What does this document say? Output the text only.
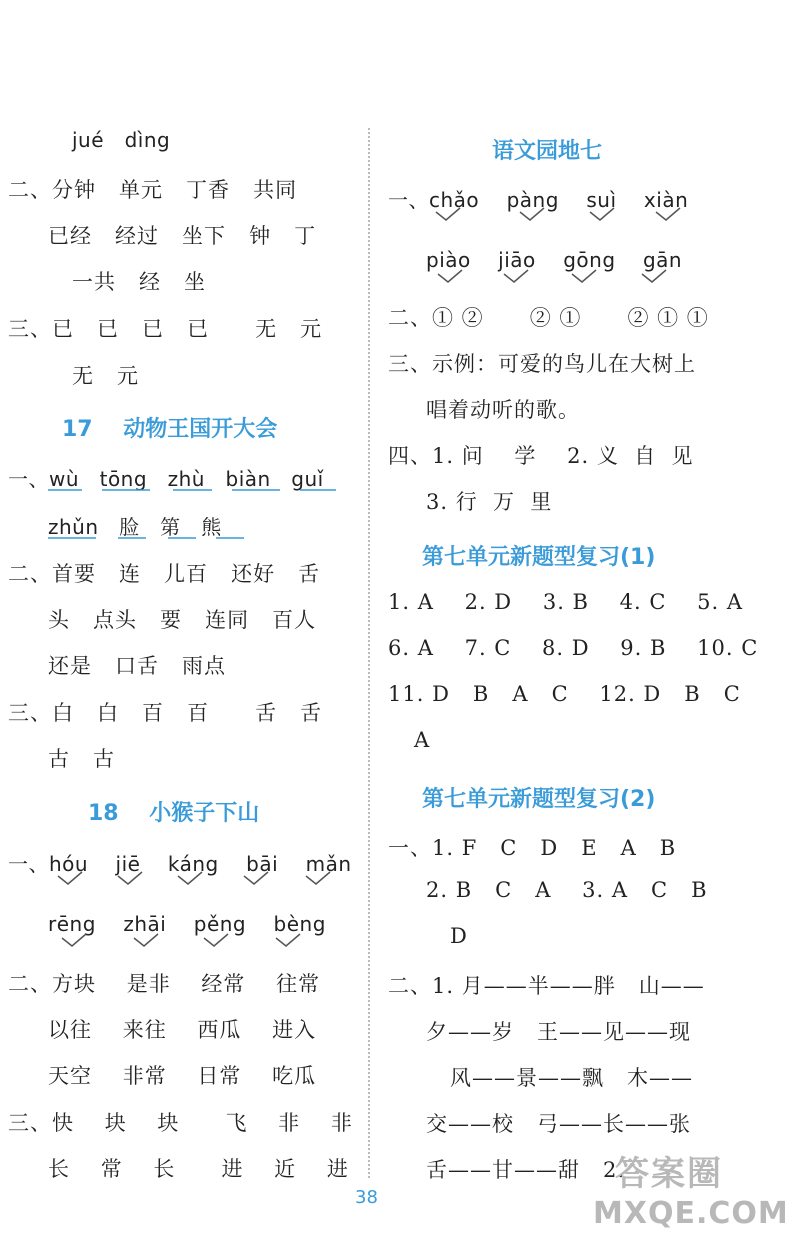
jué   dìng
二、分钟   单元   丁香   共同
已经   经过   坐下   钟   丁
一共   经   坐
三、已   已   已   已      无   元
无   元
17    动物王国开大会
一、wù   tōng   zhù   biàn   guǐ
zhǔn   脸   第   熊
二、首要   连   儿百   还好   舌
头   点头   要   连同   百人
还是   口舌   雨点
三、白   白   百   百      舌   舌
古   古
18    小猴子下山
一、hóu    jiē    káng    bāi    mǎn
rēng    zhāi    pěng    bèng
二、方块    是非    经常    往常
以往    来往    西瓜    进入
天空    非常    日常    吃瓜
三、快    块    块      飞    非    非
长    常    长      进    近    进
语文园地七
一、chǎo    pàng    suì    xiàn
piào    jiāo    gōng    gān
二、① ②      ② ①      ② ① ①
三、示例：可爱的鸟儿在大树上
唱着动听的歌。
四、1. 问    学    2. 义  自  见
3. 行  万  里
第七单元新题型复习(1)
1. A    2. D    3. B    4. C    5. A
6. A    7. C    8. D    9. B    10. C
11. D   B   A   C    12. D   B   C
A
第七单元新题型复习(2)
一、1. F   C   D   E   A   B
2. B   C   A    3. A   C   B
D
二、1. 月——半——胖   山——
夕——岁   王——见——现
风——景——飘   木——
交——校   弓——长——张
舌——甘——甜   2.
38
答案圈
MXQE.COM
